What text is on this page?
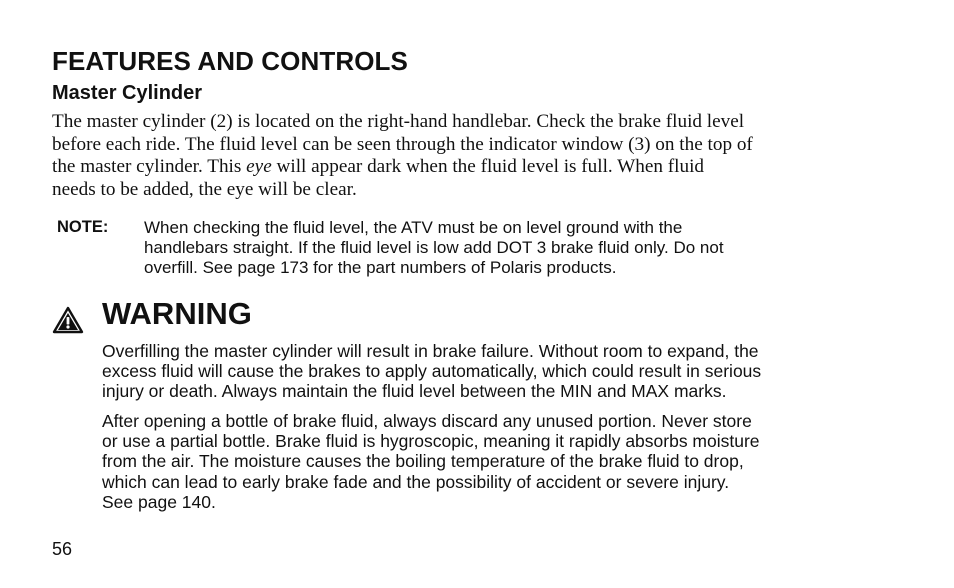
FEATURES AND CONTROLS
Master Cylinder

The master cylinder (2) is located on the right-hand handlebar. Check the brake fluid level
before each ride. The fluid level can be seen through the indicator window (3) on the top of
the master cylinder. This eye will appear dark when the fluid level is full. When fluid
needs to be added, the eye will be clear.

NOTE: When checking the fluid level, the ATV must be on level ground with the
handlebars straight. If the fluid level is low add DOT 3 brake fluid only. Do not
overfill. See page 173 for the part numbers of Polaris products.
WARNING
Overfilling the master cylinder will result in brake failure. Without room to expand, the
excess fluid will cause the brakes to apply automatically, which could result in serious
injury or death. Always maintain the fluid level between the MIN and MAX marks.
After opening a bottle of brake fluid, always discard any unused portion. Never store
or use a partial bottle. Brake fluid is hygroscopic, meaning it rapidly absorbs moisture
from the air. The moisture causes the boiling temperature of the brake fluid to drop,
which can lead to early brake fade and the possibility of accident or severe injury.
See page 140.
56
